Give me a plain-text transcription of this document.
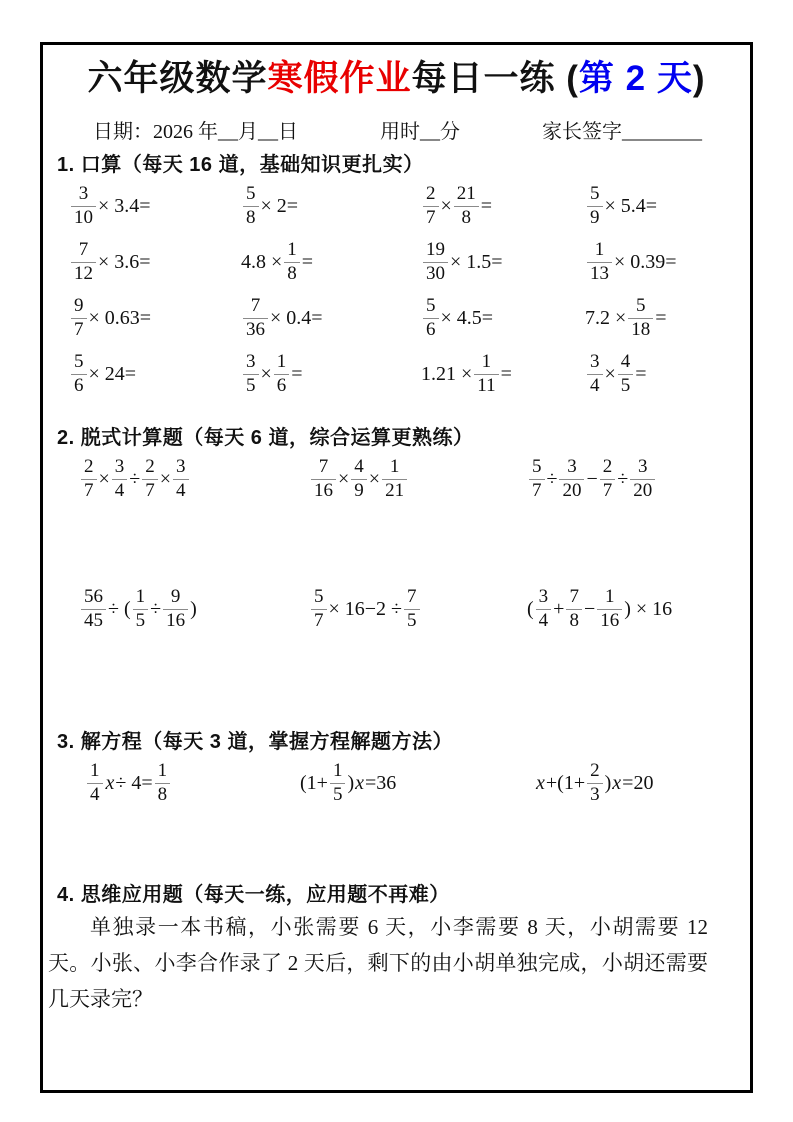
六年级数学寒假作业每日一练 (第 2 天)
日期：2026 年__月__日	用时__分	家长签字________
1. 口算（每天 16 道，基础知识更扎实）
$\frac{3}{10} \times 3.4=$	$\frac{5}{8} \times 2=$	$\frac{2}{7} \times \frac{21}{8}$ =	$\frac{5}{9} \times 5.4=$
$\frac{7}{12} \times 3.6=$	$4.8 \times \frac{1}{8}$ =	$\frac{19}{30} \times 1.5=$	$\frac{1}{13} \times 0.39=$
$\frac{9}{7} \times 0.63=$	$\frac{7}{36} \times 0.4=$	$\frac{5}{6} \times 4.5=$	$7.2 \times \frac{5}{18}$ =
$\frac{5}{6} \times 24=$	$\frac{3}{5} \times \frac{1}{6}$ =	$1.21 \times \frac{1}{11}$ =	$\frac{3}{4} \times \frac{4}{5}$ =
2. 脱式计算题（每天 6 道，综合运算更熟练）
$\frac{2}{7} \times \frac{3}{4} \div \frac{2}{7} \times \frac{3}{4}$	$\frac{7}{16} \times \frac{4}{9} \times \frac{1}{21}$	$\frac{5}{7} \div \frac{3}{20} - \frac{2}{7} \div \frac{3}{20}$
$\frac{56}{45}$ ÷ ( $\frac{1}{5} \div \frac{9}{16}$ )	$\frac{5}{7} \times 16-2 \div \frac{7}{5}$	( $\frac{3}{4} + \frac{7}{8} - \frac{1}{16}$ ) × 16
3. 解方程（每天 3 道，掌握方程解题方法）
$\frac{1}{4}$ $x \div 4= \frac{1}{8}$	($1+ \frac{1}{5}$ ) x =36	$x +(1+ \frac{2}{3}$ ) x =20
4. 思维应用题（每天一练，应用题不再难）
单独录一本书稿，小张需要 6 天，小李需要 8 天，小胡需要 12 天。小张、小李合作录了 2 天后，剩下的由小胡单独完成，小胡还需要几天录完？
